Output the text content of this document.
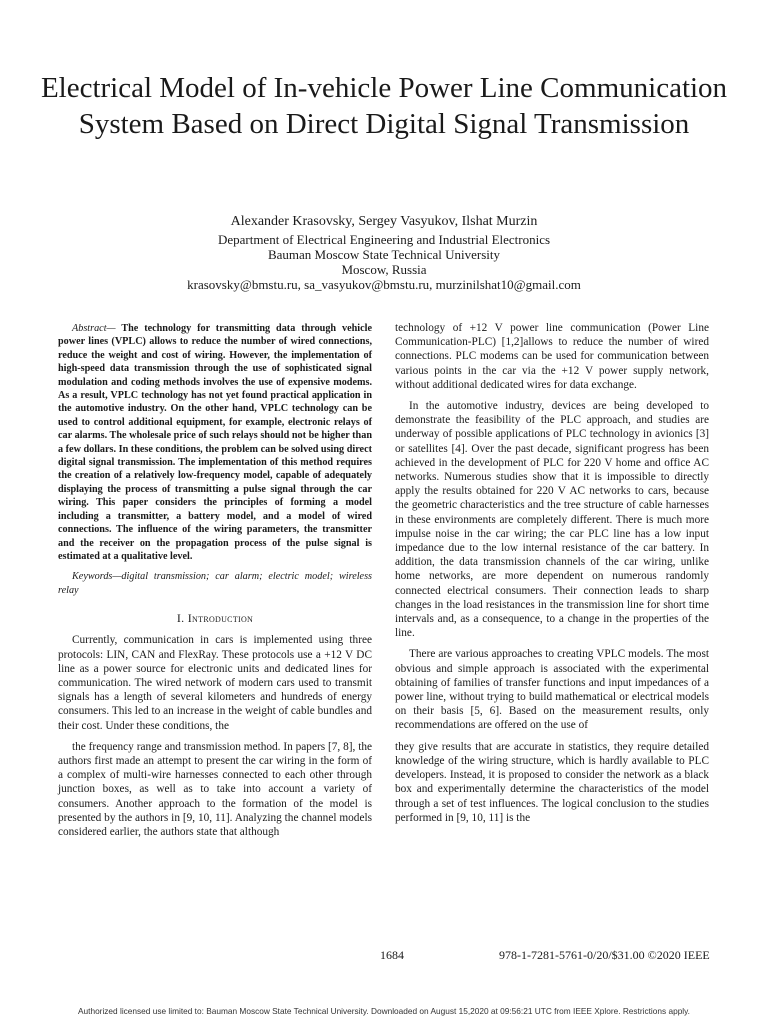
Electrical Model of In-vehicle Power Line Communication System Based on Direct Digital Signal Transmission
Alexander Krasovsky, Sergey Vasyukov, Ilshat Murzin
Department of Electrical Engineering and Industrial Electronics
Bauman Moscow State Technical University
Moscow, Russia
krasovsky@bmstu.ru, sa_vasyukov@bmstu.ru, murzinilshat10@gmail.com

Abstract— The technology for transmitting data through vehicle power lines (VPLC) allows to reduce the number of wired connections, reduce the weight and cost of wiring. However, the implementation of high-speed data transmission through the use of sophisticated signal modulation and coding methods involves the use of expensive modems. As a result, VPLC technology has not yet found practical application in the automotive industry. On the other hand, VPLC technology can be used to control additional equipment, for example, electronic relays of car alarms. The wholesale price of such relays should not be higher than a few dollars. In these conditions, the problem can be solved using direct digital signal transmission. The implementation of this method requires the creation of a relatively low-frequency model, capable of adequately displaying the process of transmitting a pulse signal through the car wiring. This paper considers the principles of forming a model including a transmitter, a battery model, and a model of wired connections. The influence of the wiring parameters, the transmitter and the receiver on the propagation process of the pulse signal is estimated at a qualitative level.

Keywords—digital transmission; car alarm; electric model; wireless relay

I. Introduction

Currently, communication in cars is implemented using three protocols: LIN, CAN and FlexRay. These protocols use a +12 V DC line as a power source for electronic units and dedicated lines for communication. The wired network of modern cars used to transmit signals has a length of several kilometers and hundreds of energy consumers. This led to an increase in the weight of cable bundles and their cost. Under these conditions, the

the frequency range and transmission method. In papers [7, 8], the authors first made an attempt to present the car wiring in the form of a complex of multi-wire harnesses connected to each other through junction boxes, as well as to take into account a variety of consumers. Another approach to the formation of the model is presented by the authors in [9, 10, 11]. Analyzing the channel models considered earlier, the authors state that although

technology of +12 V power line communication (Power Line Communication-PLC) [1,2]allows to reduce the number of wired connections. PLC modems can be used for communication between various points in the car via the +12 V power supply network, without additional dedicated wires for data exchange.

In the automotive industry, devices are being developed to demonstrate the feasibility of the PLC approach, and studies are underway of possible applications of PLC technology in avionics [3] or satellites [4]. Over the past decade, significant progress has been achieved in the development of PLC for 220 V home and office AC networks. Numerous studies show that it is impossible to directly apply the results obtained for 220 V AC networks to cars, because the geometric characteristics and the tree structure of cable harnesses in these environments are completely different. There is much more impulse noise in the car wiring; the car PLC line has a low input impedance due to the low internal resistance of the car battery. In addition, the data transmission channels of the car wiring, unlike home networks, are more dependent on numerous randomly connected electrical consumers. Their connection leads to sharp changes in the load resistances in the transmission line for short time intervals and, as a consequence, to a change in the properties of the line.

There are various approaches to creating VPLC models. The most obvious and simple approach is associated with the experimental obtaining of families of transfer functions and input impedances of a power line, without trying to build mathematical or electrical models on their basis [5, 6]. Based on the measurement results, only recommendations are offered on the use of

they give results that are accurate in statistics, they require detailed knowledge of the wiring structure, which is hardly available to PLC developers. Instead, it is proposed to consider the network as a black box and experimentally determine the characteristics of the model through a set of test influences. The logical conclusion to the studies performed in [9, 10, 11] is the

1684	978-1-7281-5761-0/20/$31.00 ©2020 IEEE
Authorized licensed use limited to: Bauman Moscow State Technical University. Downloaded on August 15,2020 at 09:56:21 UTC from IEEE Xplore. Restrictions apply.
